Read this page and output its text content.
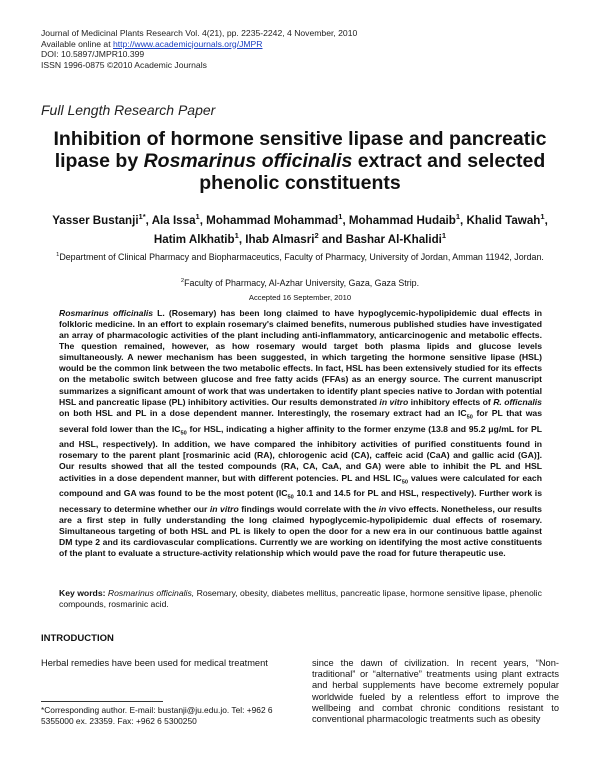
Journal of Medicinal Plants Research Vol. 4(21), pp. 2235-2242, 4 November, 2010
Available online at http://www.academicjournals.org/JMPR
DOI: 10.5897/JMPR10.399
ISSN 1996-0875 ©2010 Academic Journals
Full Length Research Paper
Inhibition of hormone sensitive lipase and pancreatic lipase by Rosmarinus officinalis extract and selected phenolic constituents
Yasser Bustanji$^{1*}$, Ala Issa$^1$, Mohammad Mohammad$^1$, Mohammad Hudaib$^1$, Khalid Tawah$^1$,
Hatim Alkhatib$^1$, Ihab Almasri$^2$ and Bashar Al-Khalidi$^1$
$^1$Department of Clinical Pharmacy and Biopharmaceutics, Faculty of Pharmacy, University of Jordan, Amman 11942, Jordan.
$^2$Faculty of Pharmacy, Al-Azhar University, Gaza, Gaza Strip.
Accepted 16 September, 2010
Rosmarinus officinalis L. (Rosemary) has been long claimed to have hypoglycemic-hypolipidemic dual effects in folkloric medicine. In an effort to explain rosemary's claimed benefits, numerous published studies have investigated an array of pharmacologic activities of the plant including anti-inflammatory, anticarcinogenic and metabolic effects. The question remained, however, as how rosemary would target both plasma lipids and glucose levels simultaneously. A newer mechanism has been suggested, in which targeting the hormone sensitive lipase (HSL) would be the common link between the two metabolic effects. In fact, HSL has been extensively studied for its effects on the metabolic switch between glucose and free fatty acids (FFAs) as an energy source. The current manuscript summarizes a significant amount of work that was undertaken to identify plant species native to Jordan with potential HSL and pancreatic lipase (PL) inhibitory activities. Our results demonstrated in vitro inhibitory effects of R. officnalis on both HSL and PL in a dose dependent manner. Interestingly, the rosemary extract had an $IC_{50}$ for PL that was several fold lower than the $IC_{50}$ for HSL, indicating a higher affinity to the former enzyme (13.8 and 95.2 μg/mL for PL and HSL, respectively). In addition, we have compared the inhibitory activities of purified constituents found in rosemary to the parent plant [rosmarinic acid (RA), chlorogenic acid (CA), caffeic acid (CaA) and gallic acid (GA)]. Our results showed that all the tested compounds (RA, CA, CaA, and GA) were able to inhibit the PL and HSL activities in a dose dependent manner, but with different potencies. PL and HSL $IC_{50}$ values were calculated for each compound and GA was found to be the most potent ($IC_{50}$ 10.1 and 14.5 for PL and HSL, respectively). Further work is necessary to determine whether our in vitro findings would correlate with the in vivo effects. Nonetheless, our results are a first step in fully understanding the long claimed hypoglycemic-hypolipidemic dual effects of rosemary. Simultaneous targeting of both HSL and PL is likely to open the door for a new era in our continuous battle against DM type 2 and its cardiovascular complications. Currently we are working on identifying the most active constituents of the plant to evaluate a structure-activity relationship which would pave the road for future therapeutic use.
Key words: Rosmarinus officinalis, Rosemary, obesity, diabetes mellitus, pancreatic lipase, hormone sensitive lipase, phenolic compounds, rosmarinic acid.
INTRODUCTION
Herbal remedies have been used for medical treatment	since the dawn of civilization. In recent years, “Non-traditional” or “alternative” treatments using plant extracts and herbal supplements have become extremely popular worldwide fueled by a relentless effort to improve the wellbeing and combat chronic conditions resistant to conventional pharmacologic treatments such as obesity
*Corresponding author. E-mail: bustanji@ju.edu.jo. Tel: +962 6 5355000 ex. 23359. Fax: +962 6 5300250
